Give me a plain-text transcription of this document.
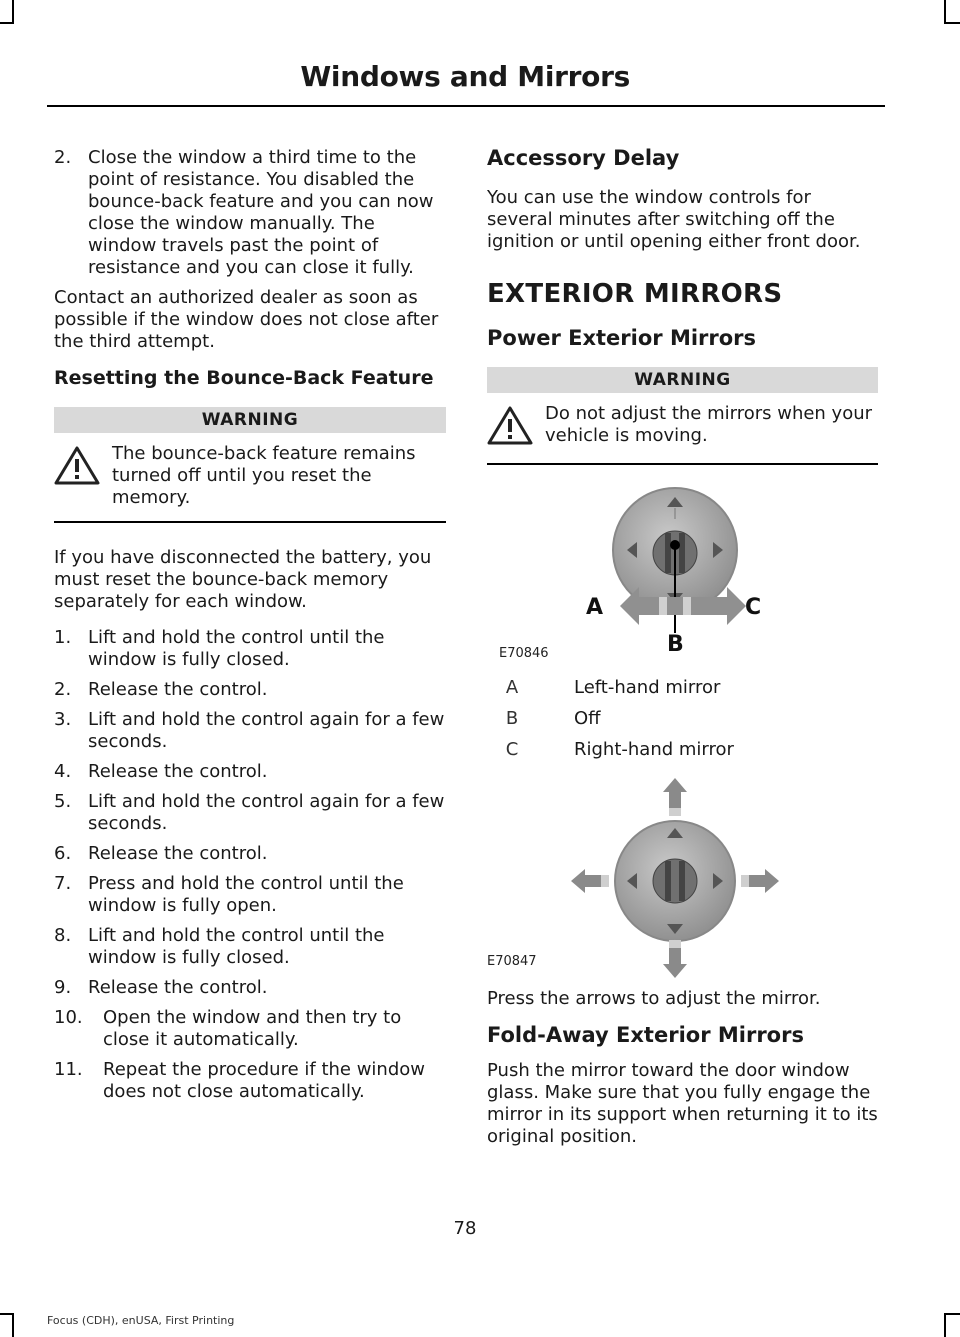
Windows and Mirrors
2. Close the window a third time to the point of resistance. You disabled the bounce-back feature and you can now close the window manually. The window travels past the point of resistance and you can close it fully.

Contact an authorized dealer as soon as possible if the window does not close after the third attempt.

Resetting the Bounce-Back Feature
WARNING
The bounce-back feature remains turned off until you reset the memory.

If you have disconnected the battery, you must reset the bounce-back memory separately for each window.

1. Lift and hold the control until the window is fully closed.
2. Release the control.
3. Lift and hold the control again for a few seconds.
4. Release the control.
5. Lift and hold the control again for a few seconds.
6. Release the control.
7. Press and hold the control until the window is fully open.
8. Lift and hold the control until the window is fully closed.
9. Release the control.
10. Open the window and then try to close it automatically.
11. Repeat the procedure if the window does not close automatically.
Accessory Delay

You can use the window controls for several minutes after switching off the ignition or until opening either front door.

EXTERIOR MIRRORS
Power Exterior Mirrors
WARNING
Do not adjust the mirrors when your vehicle is moving.
E70846
A
B
C
A	Left-hand mirror
B	Off
C	Right-hand mirror
E70847

Press the arrows to adjust the mirror.

Fold-Away Exterior Mirrors

Push the mirror toward the door window glass. Make sure that you fully engage the mirror in its support when returning it to its original position.

78
Focus (CDH), enUSA, First Printing
